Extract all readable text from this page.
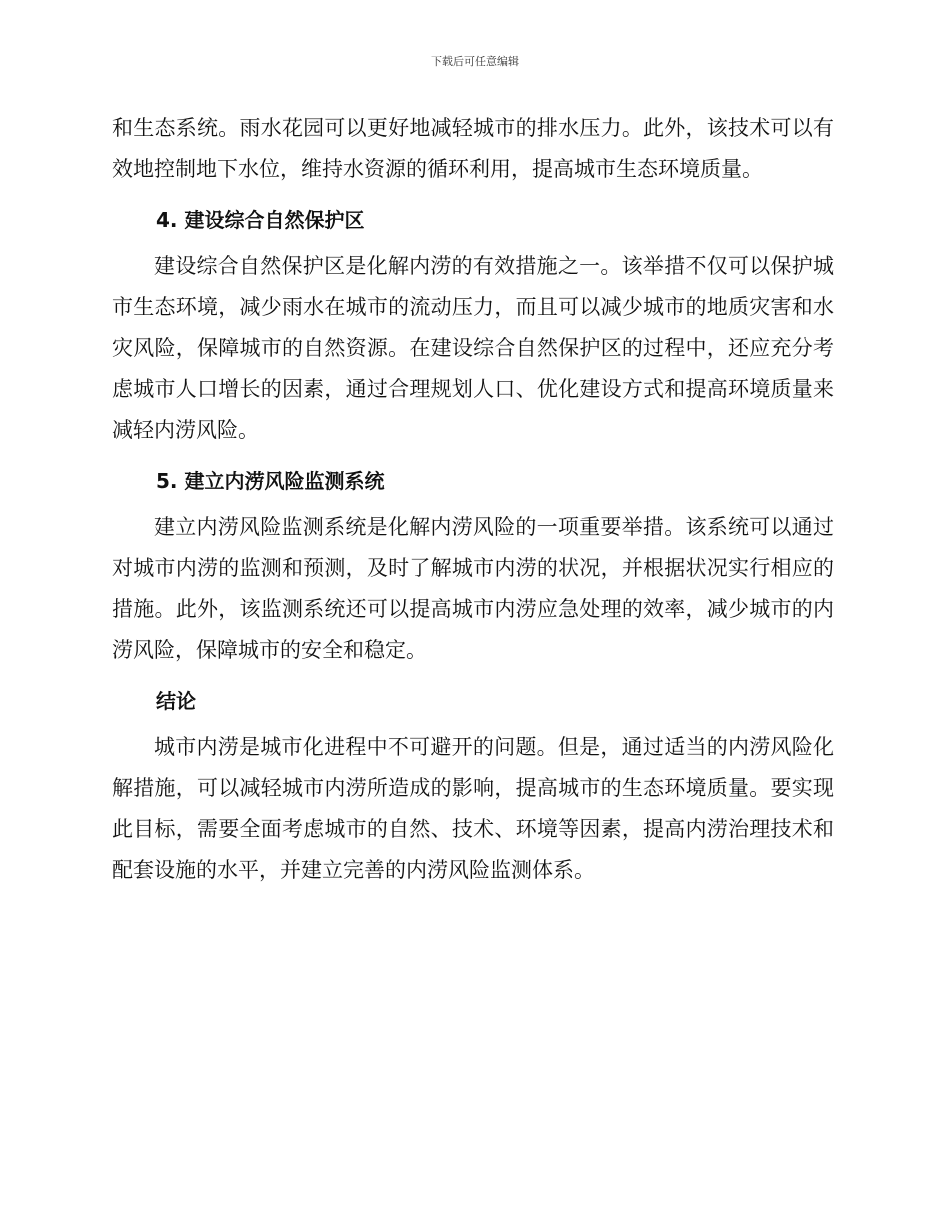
下载后可任意编辑

和生态系统。雨水花园可以更好地减轻城市的排水压力。此外，该技术可以有效地控制地下水位，维持水资源的循环利用，提高城市生态环境质量。

4. 建设综合自然保护区

建设综合自然保护区是化解内涝的有效措施之一。该举措不仅可以保护城市生态环境，减少雨水在城市的流动压力，而且可以减少城市的地质灾害和水灾风险，保障城市的自然资源。在建设综合自然保护区的过程中，还应充分考虑城市人口增长的因素，通过合理规划人口、优化建设方式和提高环境质量来减轻内涝风险。

5. 建立内涝风险监测系统

建立内涝风险监测系统是化解内涝风险的一项重要举措。该系统可以通过对城市内涝的监测和预测，及时了解城市内涝的状况，并根据状况实行相应的措施。此外，该监测系统还可以提高城市内涝应急处理的效率，减少城市的内涝风险，保障城市的安全和稳定。

结论

城市内涝是城市化进程中不可避开的问题。但是，通过适当的内涝风险化解措施，可以减轻城市内涝所造成的影响，提高城市的生态环境质量。要实现此目标，需要全面考虑城市的自然、技术、环境等因素，提高内涝治理技术和配套设施的水平，并建立完善的内涝风险监测体系。
